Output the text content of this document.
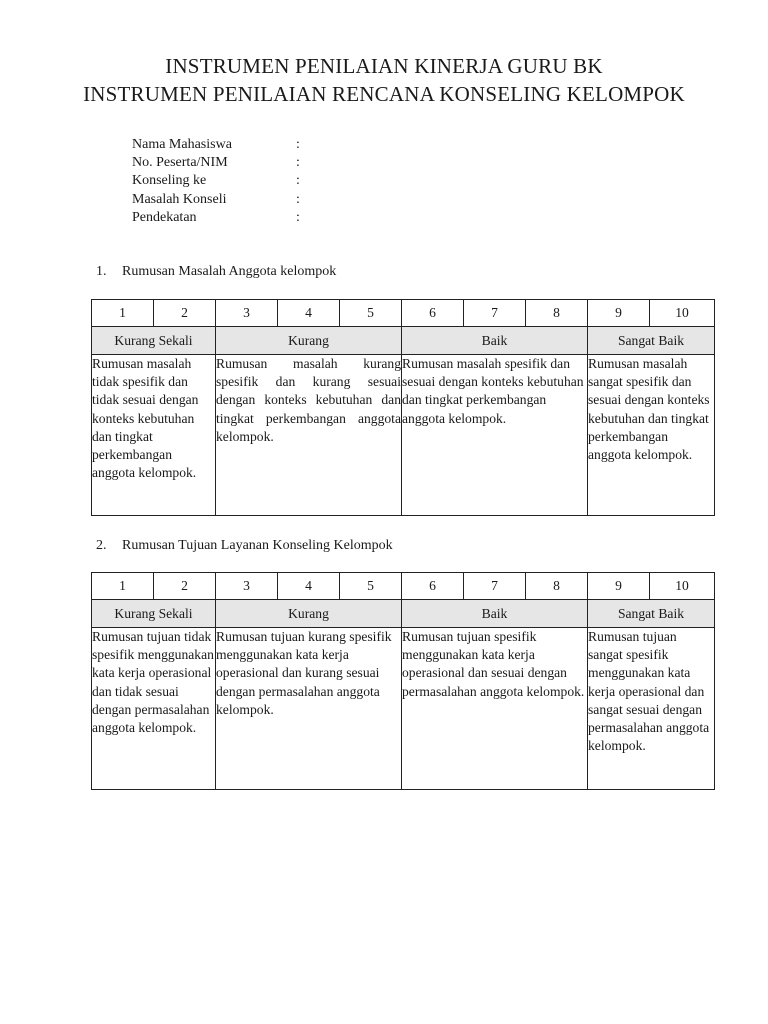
INSTRUMEN PENILAIAN KINERJA GURU BK
INSTRUMEN PENILAIAN RENCANA KONSELING KELOMPOK
Nama Mahasiswa	:
No. Peserta/NIM	:
Konseling ke	:
Masalah Konseli	:
Pendekatan	:
1.	Rumusan Masalah Anggota kelompok
1	2	3	4	5	6	7	8	9	10
Kurang Sekali		Kurang			Baik			Sangat Baik	
Rumusan masalah tidak spesifik dan tidak sesuai dengan konteks kebutuhan dan tingkat perkembangan anggota kelompok.		Rumusan masalah kurang spesifik dan kurang sesuai dengan konteks kebutuhan dan tingkat perkembangan anggota kelompok.			Rumusan masalah spesifik dan sesuai dengan konteks kebutuhan dan tingkat perkembangan anggota kelompok.			Rumusan masalah sangat spesifik dan sesuai dengan konteks kebutuhan dan tingkat perkembangan anggota kelompok.	
2.	Rumusan Tujuan Layanan Konseling Kelompok
1	2	3	4	5	6	7	8	9	10
Kurang Sekali		Kurang			Baik			Sangat Baik	
Rumusan tujuan tidak spesifik menggunakan kata kerja operasional dan tidak sesuai dengan permasalahan anggota kelompok.		Rumusan tujuan kurang spesifik menggunakan kata kerja operasional dan kurang sesuai dengan permasalahan anggota kelompok.			Rumusan tujuan spesifik menggunakan kata kerja operasional dan sesuai dengan permasalahan anggota kelompok.			Rumusan tujuan sangat spesifik menggunakan kata kerja operasional dan sangat sesuai dengan permasalahan anggota kelompok.	
